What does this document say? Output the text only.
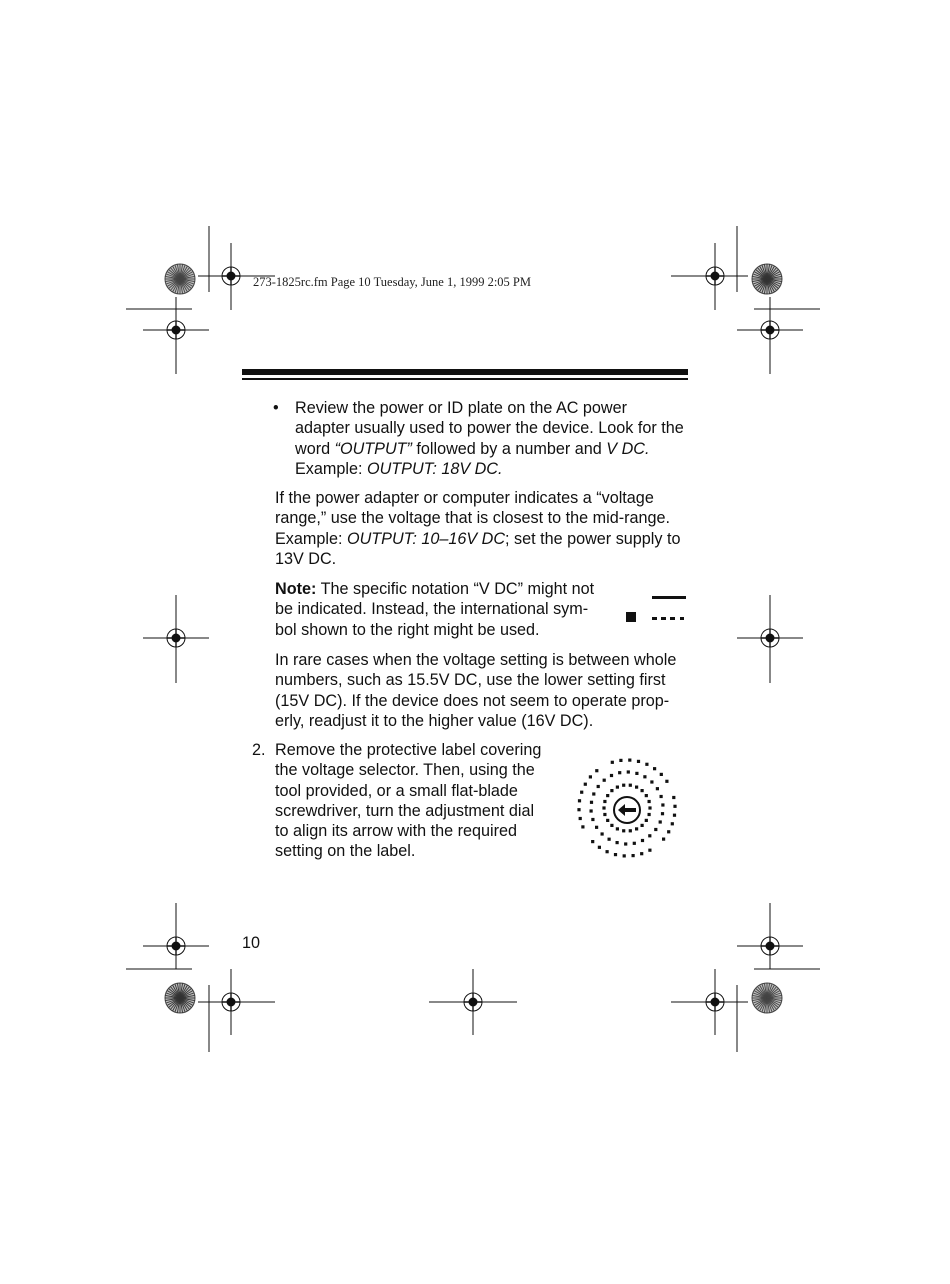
273-1825rc.fm Page 10 Tuesday, June 1, 1999 2:05 PM
• Review the power or ID plate on the AC power
adapter usually used to power the device. Look for the
word “OUTPUT” followed by a number and V DC.
Example: OUTPUT: 18V DC.
If the power adapter or computer indicates a “voltage
range,” use the voltage that is closest to the mid-range.
Example: OUTPUT: 10–16V DC; set the power supply to
13V DC.
Note: The specific notation “V DC” might not
be indicated. Instead, the international sym-
bol shown to the right might be used.
In rare cases when the voltage setting is between whole
numbers, such as 15.5V DC, use the lower setting first
(15V DC). If the device does not seem to operate prop-
erly, readjust it to the higher value (16V DC).
2. Remove the protective label covering
the voltage selector. Then, using the
tool provided, or a small flat-blade
screwdriver, turn the adjustment dial
to align its arrow with the required
setting on the label.
10
